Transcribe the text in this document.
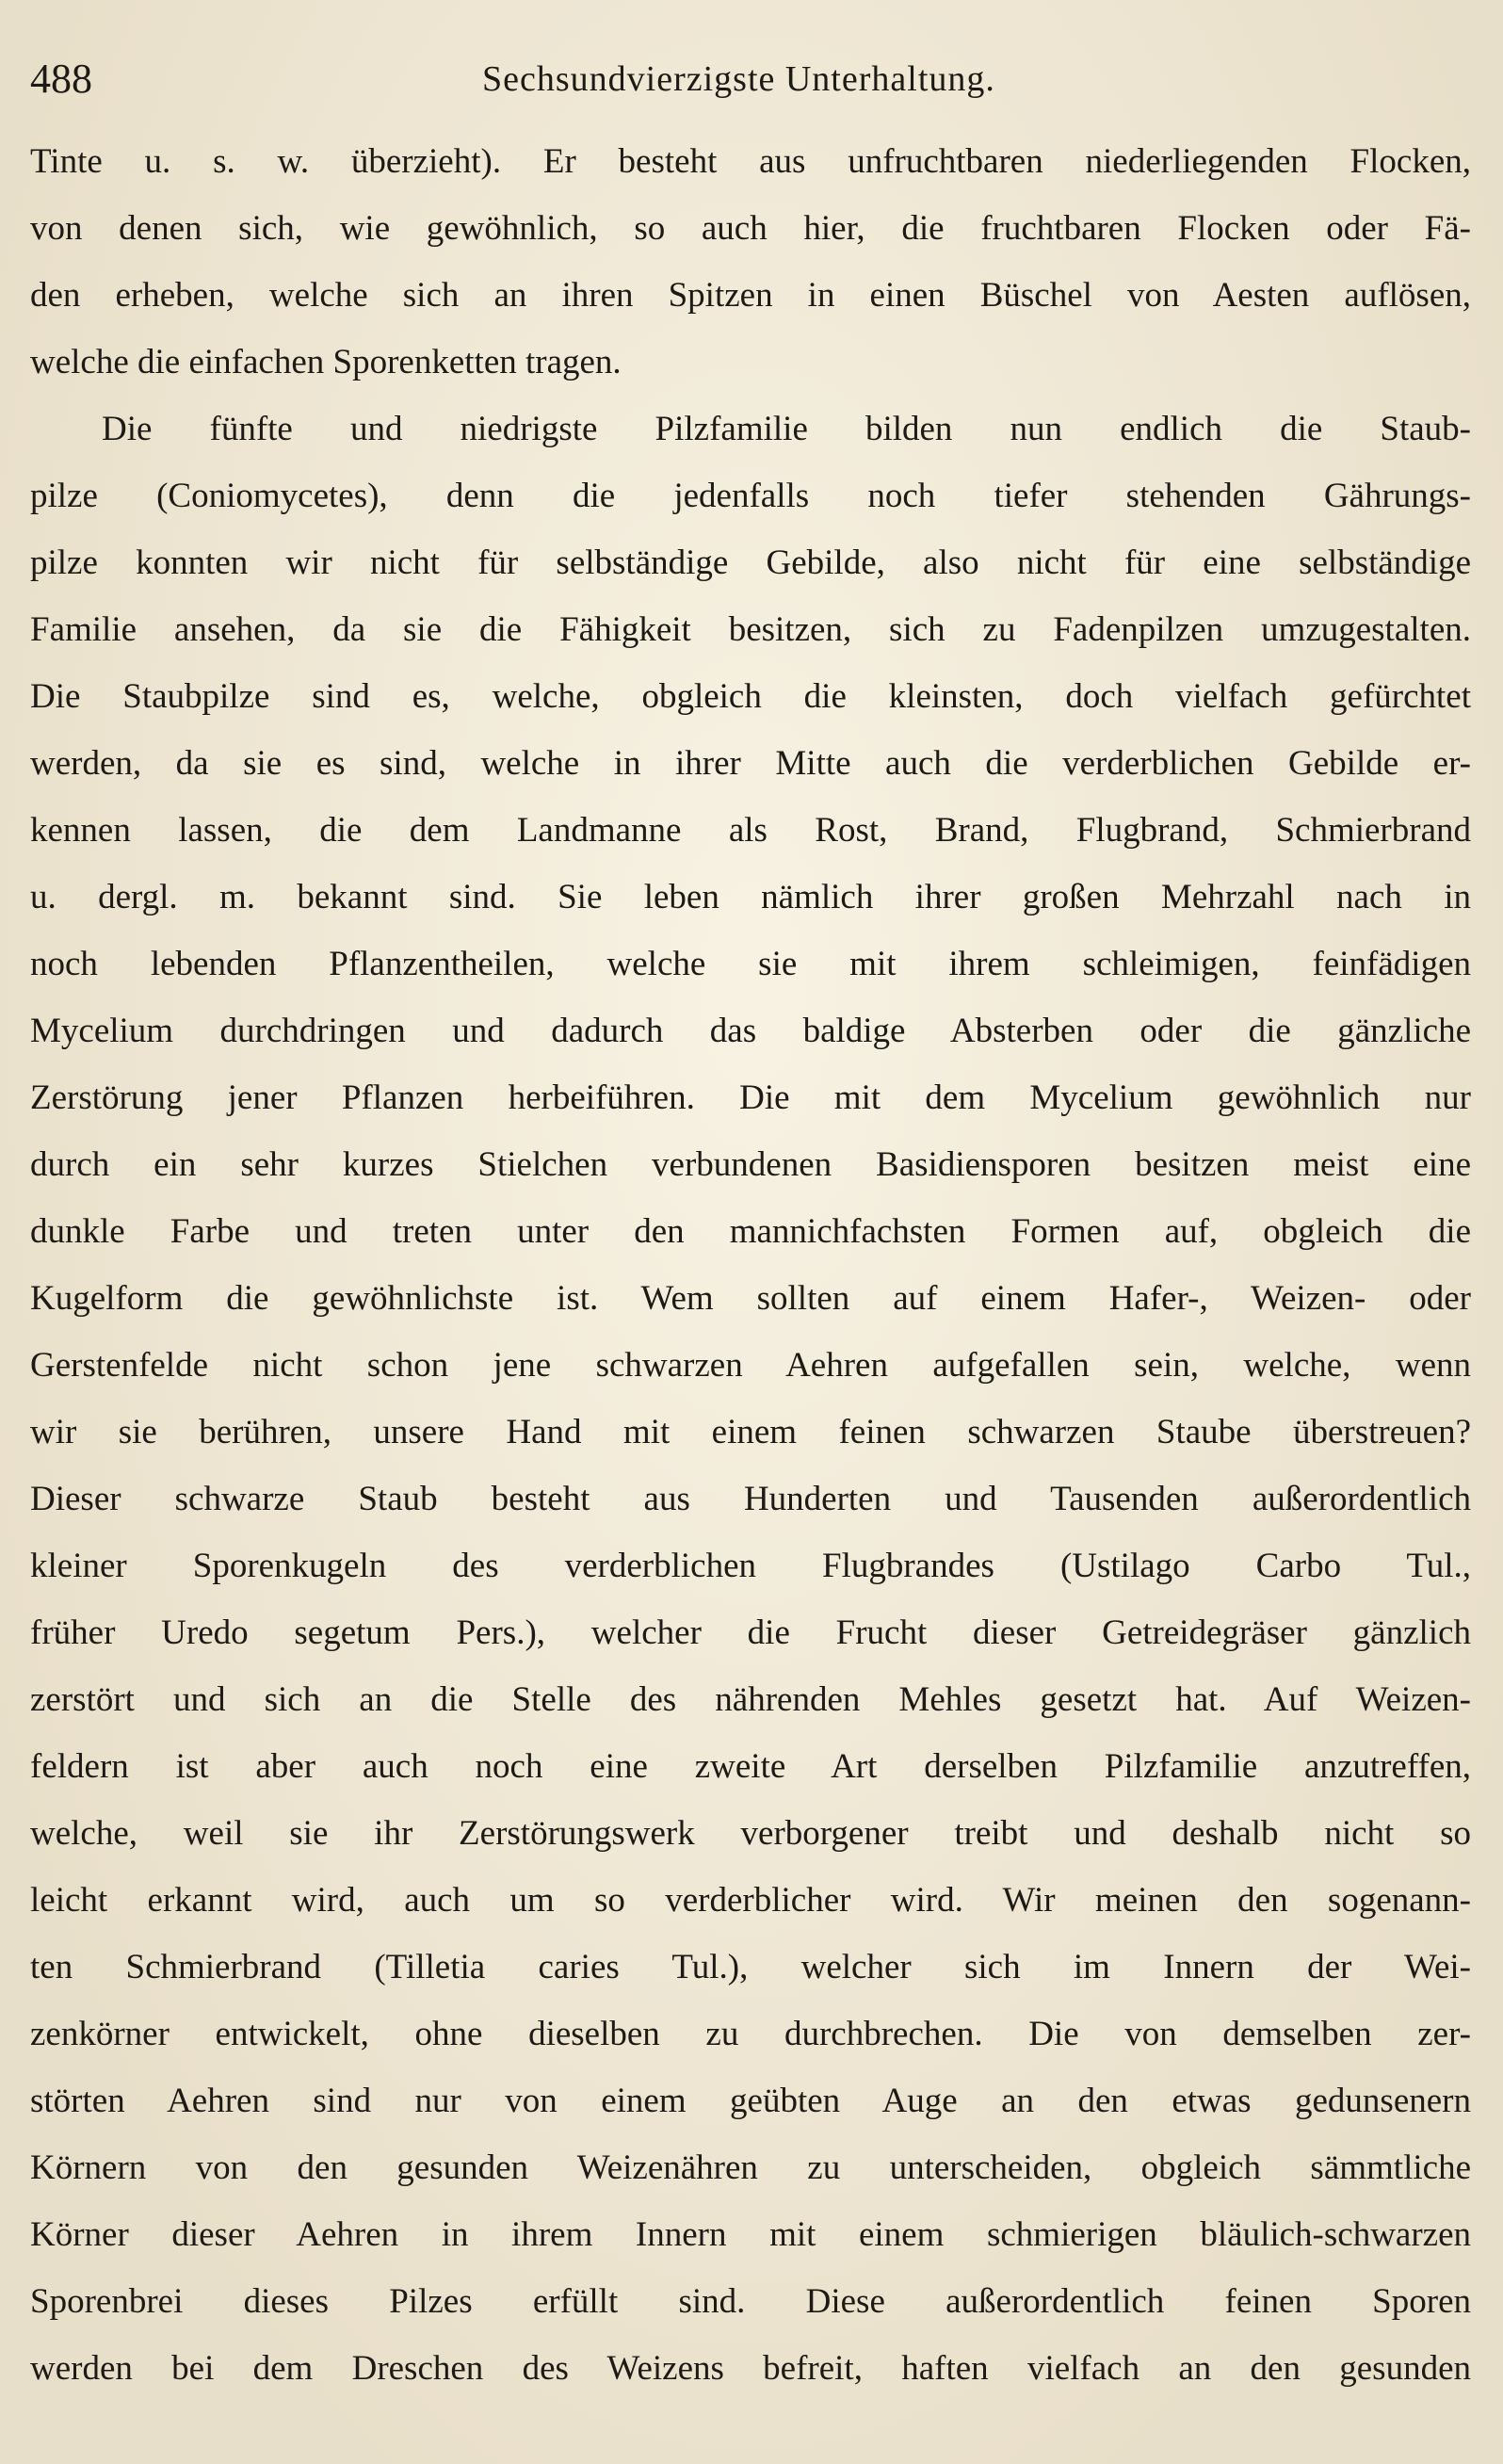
488	Sechsundvierzigste Unterhaltung.
Tinte u. s. w. überzieht). Er besteht aus unfruchtbaren niederliegenden Flocken,
von denen sich, wie gewöhnlich, so auch hier, die fruchtbaren Flocken oder Fä-
den erheben, welche sich an ihren Spitzen in einen Büschel von Aesten auflösen,
welche die einfachen Sporenketten tragen.
Die fünfte und niedrigste Pilzfamilie bilden nun endlich die Staub-
pilze (Coniomycetes), denn die jedenfalls noch tiefer stehenden Gährungs-
pilze konnten wir nicht für selbständige Gebilde, also nicht für eine selbständige
Familie ansehen, da sie die Fähigkeit besitzen, sich zu Fadenpilzen umzugestalten.
Die Staubpilze sind es, welche, obgleich die kleinsten, doch vielfach gefürchtet
werden, da sie es sind, welche in ihrer Mitte auch die verderblichen Gebilde er-
kennen lassen, die dem Landmanne als Rost, Brand, Flugbrand, Schmierbrand
u. dergl. m. bekannt sind. Sie leben nämlich ihrer großen Mehrzahl nach in
noch lebenden Pflanzentheilen, welche sie mit ihrem schleimigen, feinfädigen
Mycelium durchdringen und dadurch das baldige Absterben oder die gänzliche
Zerstörung jener Pflanzen herbeiführen. Die mit dem Mycelium gewöhnlich nur
durch ein sehr kurzes Stielchen verbundenen Basidiensporen besitzen meist eine
dunkle Farbe und treten unter den mannichfachsten Formen auf, obgleich die
Kugelform die gewöhnlichste ist. Wem sollten auf einem Hafer-, Weizen- oder
Gerstenfelde nicht schon jene schwarzen Aehren aufgefallen sein, welche, wenn
wir sie berühren, unsere Hand mit einem feinen schwarzen Staube überstreuen?
Dieser schwarze Staub besteht aus Hunderten und Tausenden außerordentlich
kleiner Sporenkugeln des verderblichen Flugbrandes (Ustilago Carbo Tul.,
früher Uredo segetum Pers.), welcher die Frucht dieser Getreidegräser gänzlich
zerstört und sich an die Stelle des nährenden Mehles gesetzt hat. Auf Weizen-
feldern ist aber auch noch eine zweite Art derselben Pilzfamilie anzutreffen,
welche, weil sie ihr Zerstörungswerk verborgener treibt und deshalb nicht so
leicht erkannt wird, auch um so verderblicher wird. Wir meinen den sogenann-
ten Schmierbrand (Tilletia caries Tul.), welcher sich im Innern der Wei-
zenkörner entwickelt, ohne dieselben zu durchbrechen. Die von demselben zer-
störten Aehren sind nur von einem geübten Auge an den etwas gedunsenern
Körnern von den gesunden Weizenähren zu unterscheiden, obgleich sämmtliche
Körner dieser Aehren in ihrem Innern mit einem schmierigen bläulich-schwarzen
Sporenbrei dieses Pilzes erfüllt sind. Diese außerordentlich feinen Sporen
werden bei dem Dreschen des Weizens befreit, haften vielfach an den gesunden
